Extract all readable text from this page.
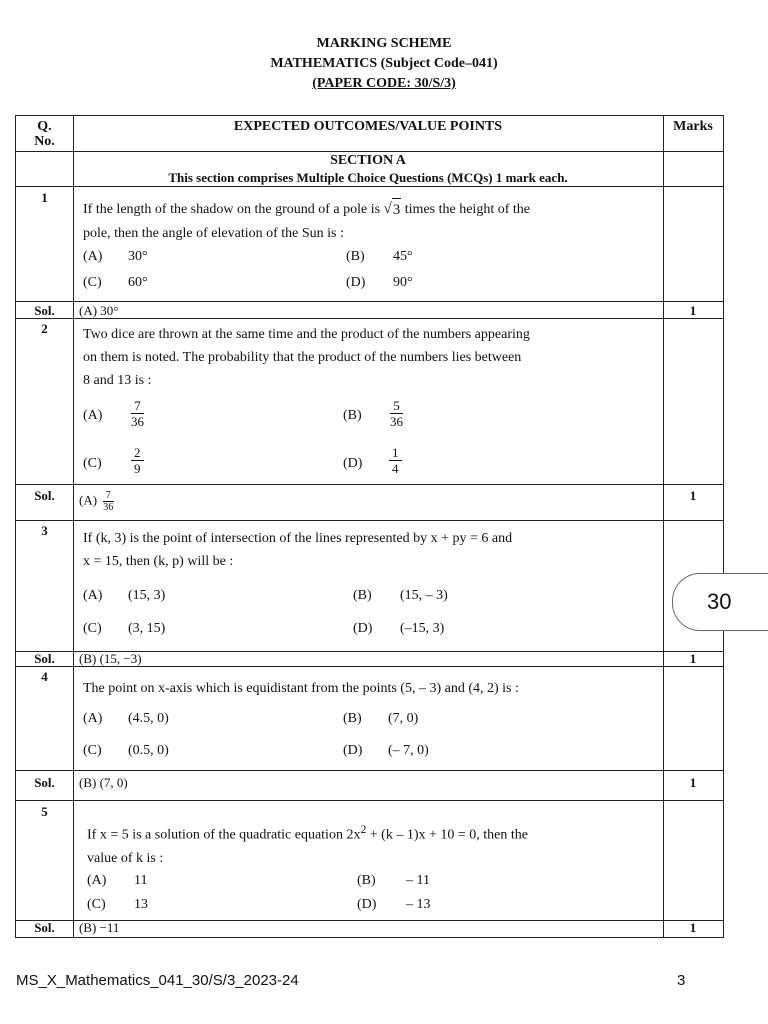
MARKING SCHEME
MATHEMATICS (Subject Code–041)
(PAPER CODE: 30/S/3)
Q.
No.
EXPECTED OUTCOMES/VALUE POINTS	Marks
SECTION A
This section comprises Multiple Choice Questions (MCQs) 1 mark each.
1
If the length of the shadow on the ground of a pole is √ 3 times the height of the
pole, then the angle of elevation of the Sun is :
(A) 30°	(B) 45°
(C) 60°	(D) 90°
Sol.	(A) 30°	1
2	Two dice are thrown at the same time and the product of the numbers appearing
on them is noted. The probability that the product of the numbers lies between
8 and 13 is :
$(A) \frac{7}{36}$	$(B) \frac{5}{36}$
$(C) \frac{2}{9}$	$(D) \frac{1}{4}$
Sol.	$(A) \frac{7}{36}$	1
3
If (k, 3) is the point of intersection of the lines represented by x + py = 6 and
x = 15, then (k, p) will be :
(A) (15, 3)	(B) (15, – 3)
(C) (3, 15)	(D) (–15, 3)
Sol.	(B) (15, −3)	1
4
The point on x-axis which is equidistant from the points (5, – 3) and (4, 2) is :
(A) (4.5, 0)	(B) (7, 0)
(C) (0.5, 0)	(D) (– 7, 0)
Sol.	(B) (7, 0)	1
5
If x = 5 is a solution of the quadratic equation $2x^2 + (k - 1)x + 10 = 0$, then the
value of k is :
(A) 11	(B) – 11
(C) 13	(D) – 13
Sol.	(B) −11	1
30
MS_X_Mathematics_041_30/S/3_2023-24	3
